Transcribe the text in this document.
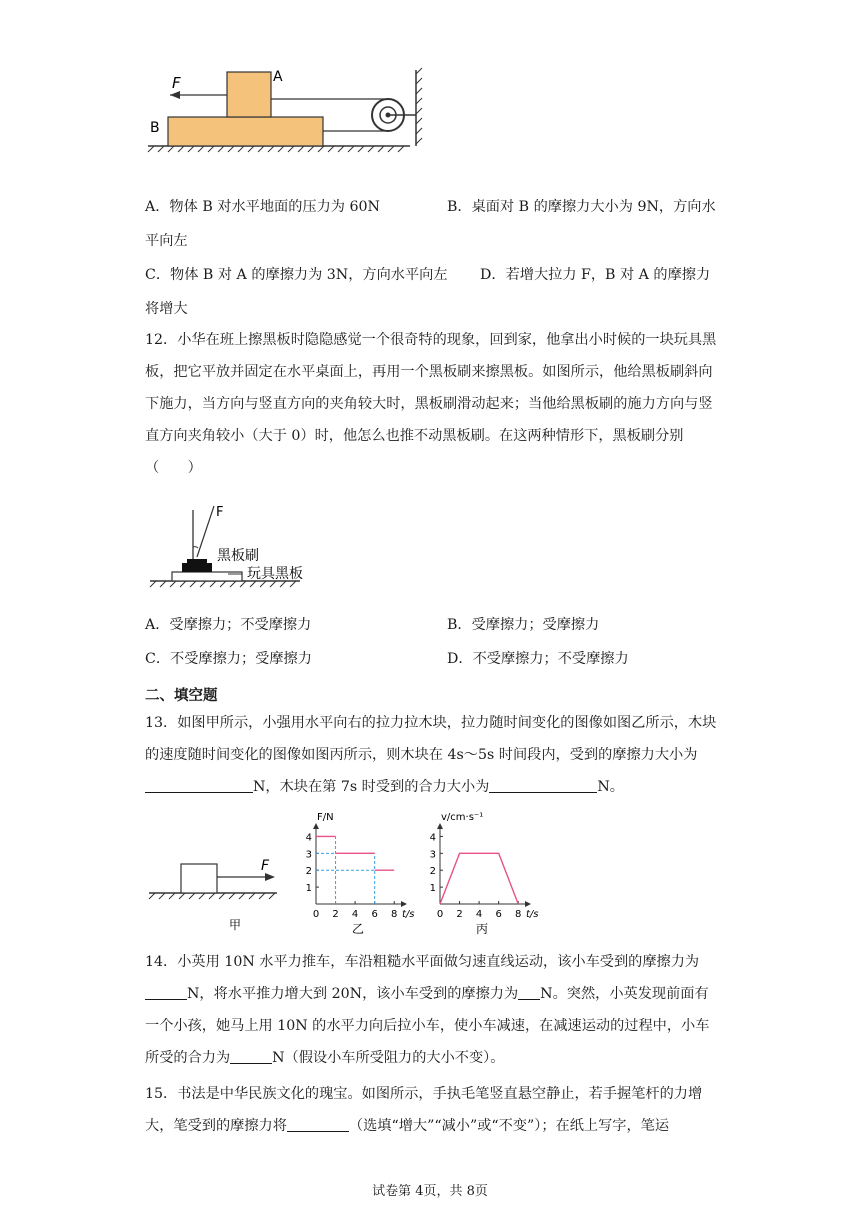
F	A
B
A．物体 B 对水平地面的压力为 60N	B．桌面对 B 的摩擦力大小为 9N，方向水
平向左
C．物体 B 对 A 的摩擦力为 3N，方向水平向左 D．若增大拉力 F，B 对 A 的摩擦力
将增大

12．小华在班上擦黑板时隐隐感觉一个很奇特的现象，回到家，他拿出小时候的一块玩具黑板，把它平放并固定在水平桌面上，再用一个黑板刷来擦黑板。如图所示，他给黑板刷斜向下施力，当方向与竖直方向的夹角较大时，黑板刷滑动起来；当他给黑板刷的施力方向与竖直方向夹角较小（大于 0）时，他怎么也推不动黑板刷。在这两种情形下，黑板刷分别（　　）

F
黑板刷
玩具黑板
A．受摩擦力；不受摩擦力	B．受摩擦力；受摩擦力
C．不受摩擦力；受摩擦力	D．不受摩擦力；不受摩擦力
二、填空题

13．如图甲所示，小强用水平向右的拉力拉木块，拉力随时间变化的图像如图乙所示，木块的速度随时间变化的图像如图丙所示，则木块在 4s～5s 时间段内，受到的摩擦力大小为N，木块在第 7s 时受到的合力大小为	N。

F
甲
1
2
3
4
0 2 4 6 8 t/s
F/N
乙
1
2
3
4
0 2 4 6 8 t/s
v/cm·s⁻¹
丙

14．小英用 10N 水平力推车，车沿粗糙水平面做匀速直线运动，该小车受到的摩擦力为N，将水平推力增大到 20N，该小车受到的摩擦力为 N。突然，小英发现前面有一个小孩，她马上用 10N 的水平力向后拉小车，使小车减速，在减速运动的过程中，小车所受的合力为	N（假设小车所受阻力的大小不变）。

15．书法是中华民族文化的瑰宝。如图所示，手执毛笔竖直悬空静止，若手握笔杆的力增大，笔受到的摩擦力将	（选填“增大”“减小”或“不变”）；在纸上写字，笔运

试卷第 4页，共 8页
